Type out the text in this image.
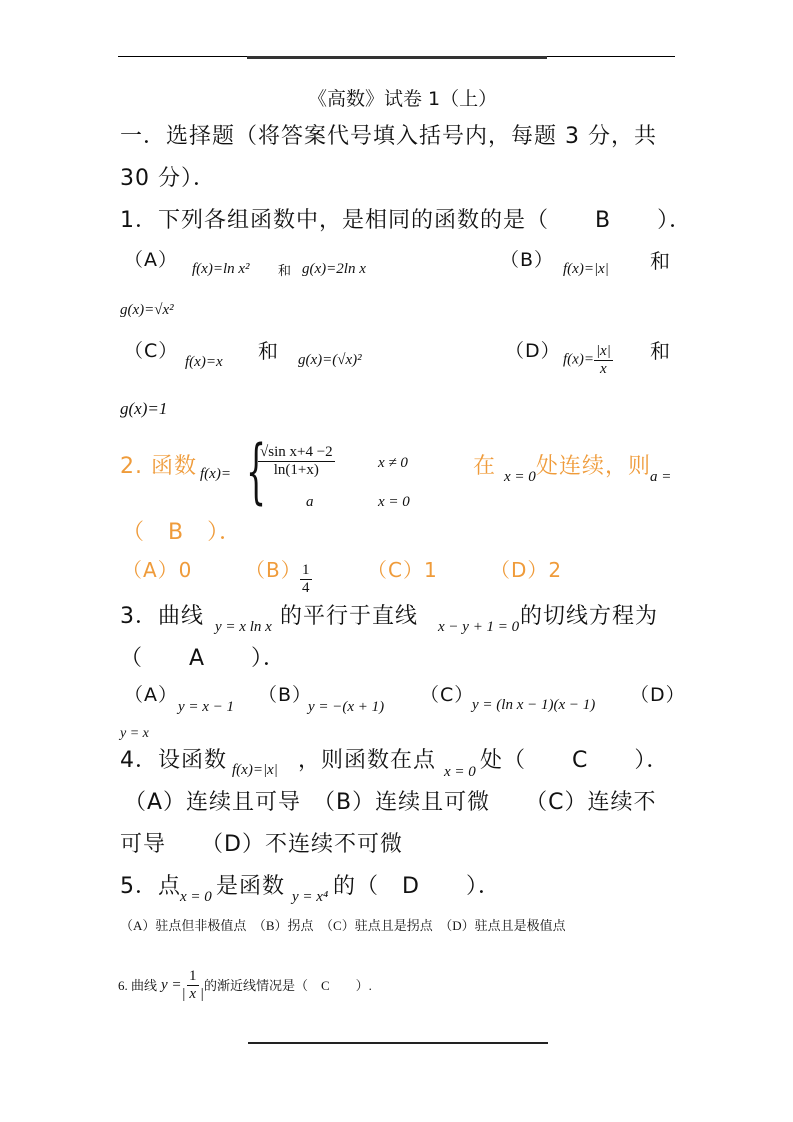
《高数》试卷 1（上）
一．选择题（将答案代号填入括号内，每题 3 分，共
30 分）．
1．下列各组函数中，是相同的函数的是（　　B　　）．
（A） f(x)=ln x² 和 g(x)=2ln x	（B） f(x)=|x| 和
g(x)=√x²
（C） f(x)=x 和 g(x)=(√x)²	（D） $f(x)= \frac{|x|}{x}$ 和
g(x)=1
2. 函数 f(x)= {
$\frac{\text{√sin x+4 −2}}{\ln(1+x)}$	x ≠ 0
a	x = 0
在 x = 0 处连续，则
a =
（　B　）．
（A）0	（B）
$\frac{1}{4}$	（C）1	（D）2
3．曲线 y = x ln x 的平行于直线 x − y + 1 = 0 的切线方程为
（　　A　　）．
（A）
y = x − 1
（B）
y = −(x + 1)
（C）
y = (ln x − 1)(x − 1) （D）
y = x
4．设函数 f(x)=|x| ，则函数在点 x = 0 处（　　C　　）．
（A）连续且可导　（B）连续且可微　　（C）连续不
可导　　（D）不连续不可微
5．点 x = 0 是函数 y = x⁴ 的（　D　　）．
（A）驻点但非极值点　（B）拐点　（C）驻点且是拐点　（D）驻点且是极值点
6. 曲线 $y = \frac{1}{| x |}$ 的渐近线情况是（　C　　）.
